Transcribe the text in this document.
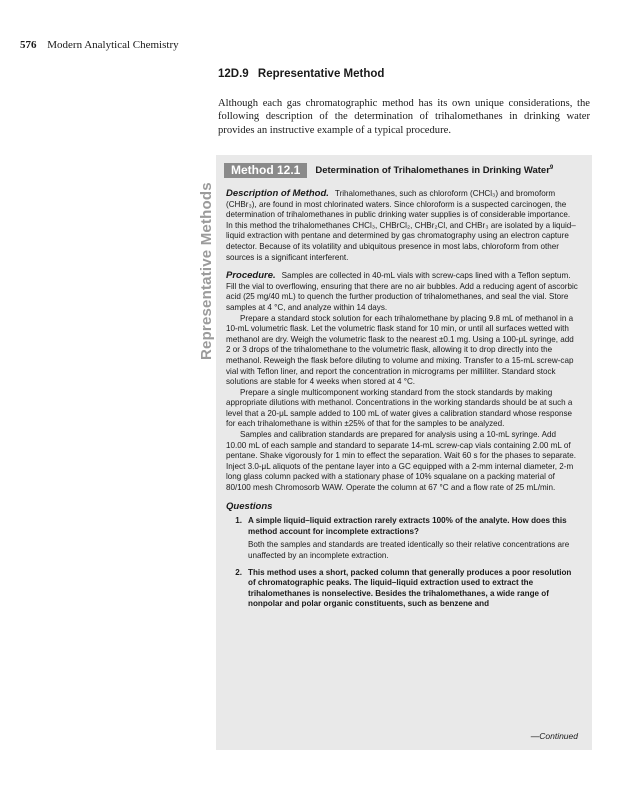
576 Modern Analytical Chemistry
12D.9 Representative Method

Although each gas chromatographic method has its own unique considerations, the following description of the determination of trihalomethanes in drinking water provides an instructive example of a typical procedure.

Representative Methods
Method 12.1	Determination of Trihalomethanes in Drinking Water$^9$

Description of Method. Trihalomethanes, such as chloroform (CHCl₃) and bromoform (CHBr₃), are found in most chlorinated waters. Since chloroform is a suspected carcinogen, the determination of trihalomethanes in public drinking water supplies is of considerable importance. In this method the trihalomethanes CHCl₃, CHBrCl₂, CHBr₂Cl, and CHBr₃ are isolated by a liquid–liquid extraction with pentane and determined by gas chromatography using an electron capture detector. Because of its volatility and ubiquitous presence in most labs, chloroform from other sources is a significant interferent.

Procedure. Samples are collected in 40-mL vials with screw-caps lined with a Teflon septum. Fill the vial to overflowing, ensuring that there are no air bubbles. Add a reducing agent of ascorbic acid (25 mg/40 mL) to quench the further production of trihalomethanes, and seal the vial. Store samples at 4 °C, and analyze within 14 days.

Prepare a standard stock solution for each trihalomethane by placing 9.8 mL of methanol in a 10-mL volumetric flask. Let the volumetric flask stand for 10 min, or until all surfaces wetted with methanol are dry. Weigh the volumetric flask to the nearest ±0.1 mg. Using a 100-μL syringe, add 2 or 3 drops of the trihalomethane to the volumetric flask, allowing it to drop directly into the methanol. Reweigh the flask before diluting to volume and mixing. Transfer to a 15-mL screw-cap vial with Teflon liner, and report the concentration in micrograms per milliliter. Standard stock solutions are stable for 4 weeks when stored at 4 °C.

Prepare a single multicomponent working standard from the stock standards by making appropriate dilutions with methanol. Concentrations in the working standards should be at such a level that a 20-μL sample added to 100 mL of water gives a calibration standard whose response for each trihalomethane is within ±25% of that for the samples to be analyzed.

Samples and calibration standards are prepared for analysis using a 10-mL syringe. Add 10.00 mL of each sample and standard to separate 14-mL screw-cap vials containing 2.00 mL of pentane. Shake vigorously for 1 min to effect the separation. Wait 60 s for the phases to separate. Inject 3.0-μL aliquots of the pentane layer into a GC equipped with a 2-mm internal diameter, 2-m long glass column packed with a stationary phase of 10% squalane on a packing material of 80/100 mesh Chromosorb WAW. Operate the column at 67 °C and a flow rate of 25 mL/min.

Questions
1. A simple liquid–liquid extraction rarely extracts 100% of the analyte. How does this method account for incomplete extractions?
Both the samples and standards are treated identically so their relative concentrations are unaffected by an incomplete extraction.
2. This method uses a short, packed column that generally produces a poor resolution of chromatographic peaks. The liquid–liquid extraction used to extract the trihalomethanes is nonselective. Besides the trihalomethanes, a wide range of nonpolar and polar organic constituents, such as benzene and
—Continued
